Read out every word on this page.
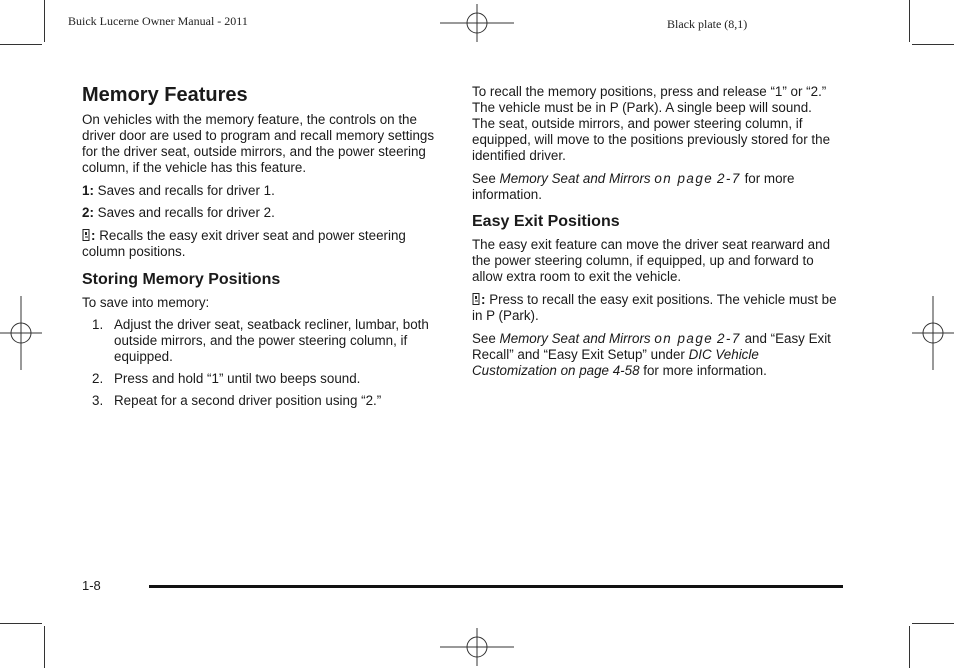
Buick Lucerne Owner Manual - 2011	Black plate (8,1)
Memory Features

On vehicles with the memory feature, the controls on the driver door are used to program and recall memory settings for the driver seat, outside mirrors, and the power steering column, if the vehicle has this feature.

1: Saves and recalls for driver 1.

2: Saves and recalls for driver 2.

: Recalls the easy exit driver seat and power steering column positions.

Storing Memory Positions

To save into memory:

1. Adjust the driver seat, seatback recliner, lumbar, both outside mirrors, and the power steering column, if equipped.
2. Press and hold “1” until two beeps sound.
3. Repeat for a second driver position using “2.”

To recall the memory positions, press and release “1” or “2.” The vehicle must be in P (Park). A single beep will sound. The seat, outside mirrors, and power steering column, if equipped, will move to the positions previously stored for the identified driver.

See Memory Seat and Mirrors on page 2-7 for more information.

Easy Exit Positions

The easy exit feature can move the driver seat rearward and the power steering column, if equipped, up and forward to allow extra room to exit the vehicle.

: Press to recall the easy exit positions. The vehicle must be in P (Park).

See Memory Seat and Mirrors on page 2-7 and “Easy Exit Recall” and “Easy Exit Setup” under DIC Vehicle Customization on page 4-58 for more information.

1-8
